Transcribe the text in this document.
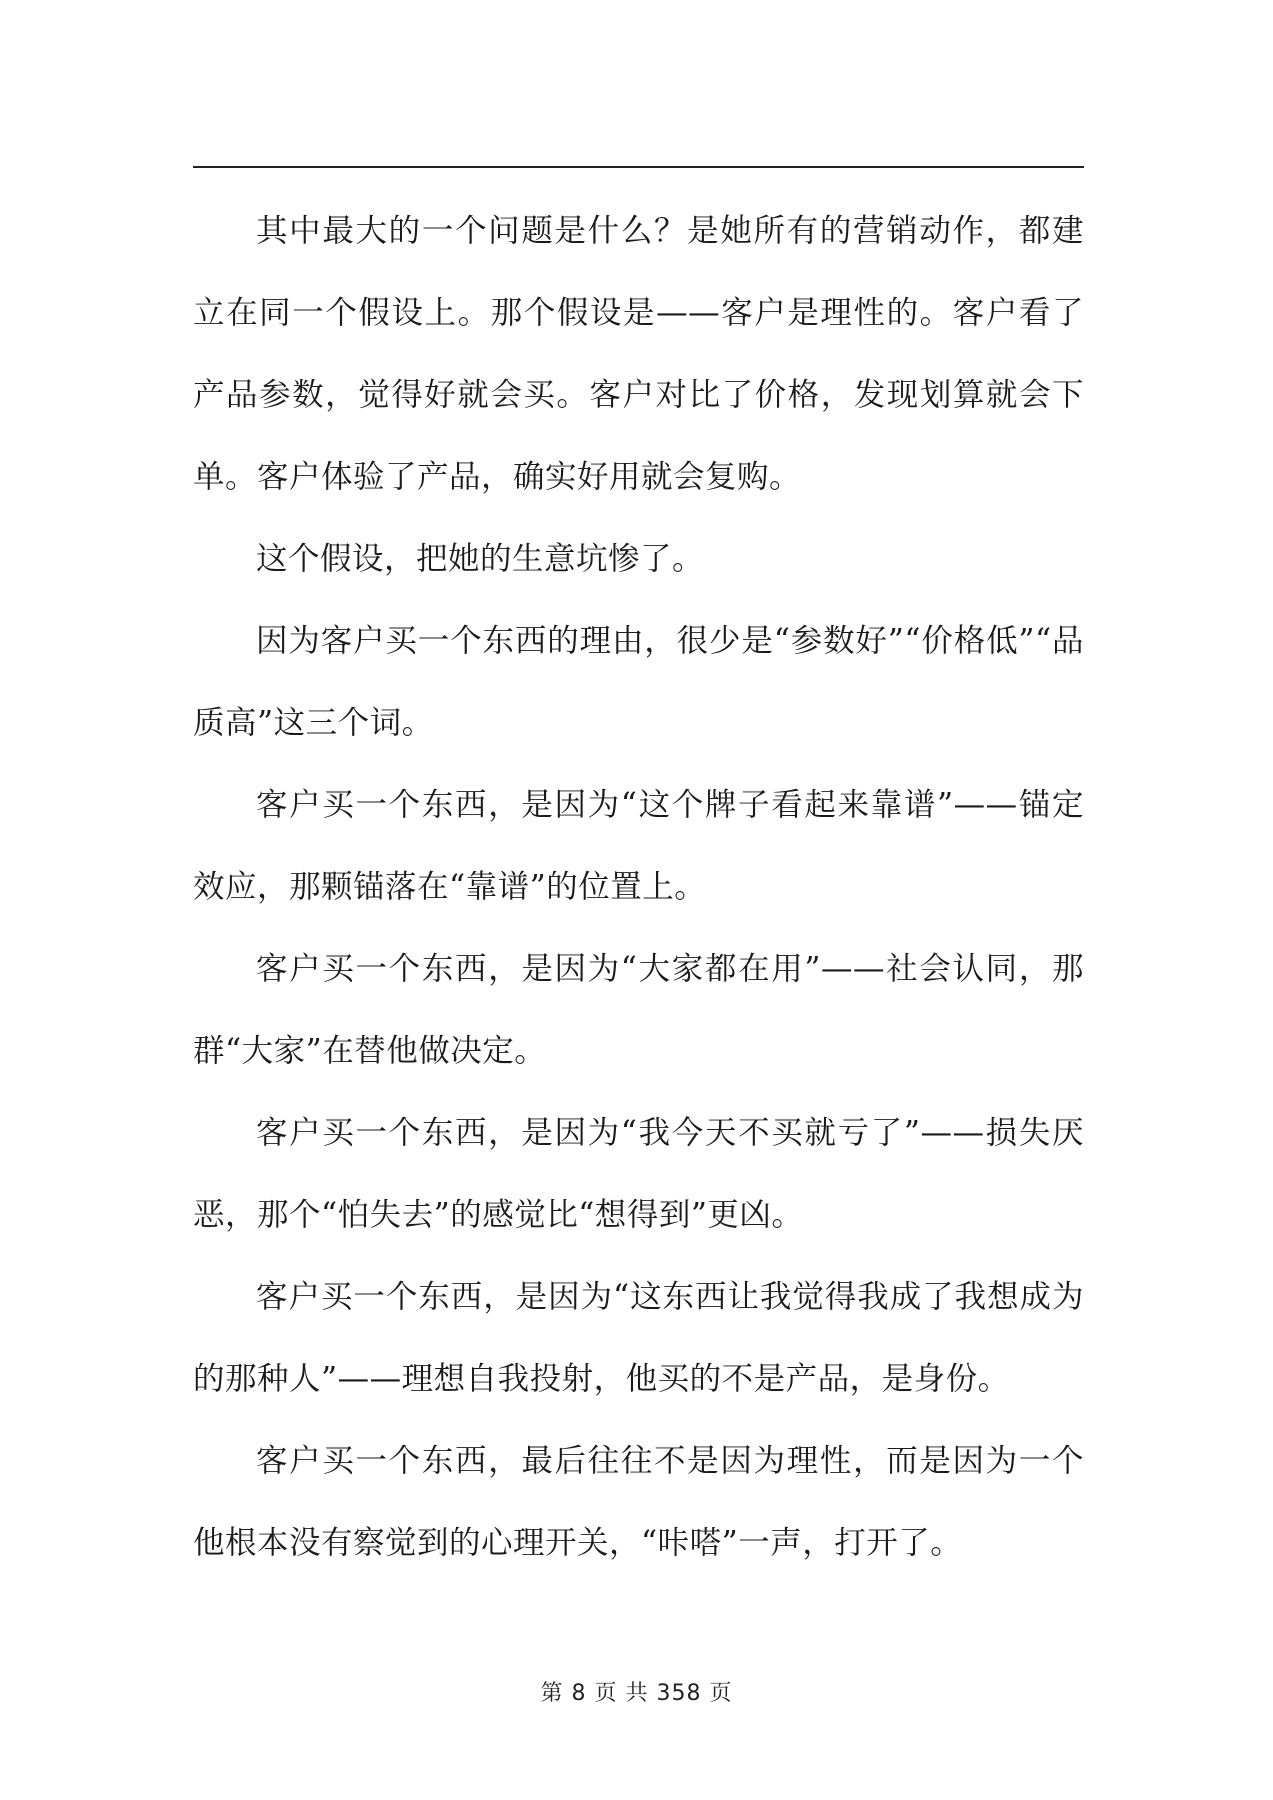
其中最大的一个问题是什么？是她所有的营销动作，都建立在同一个假设上。那个假设是——客户是理性的。客户看了产品参数，觉得好就会买。客户对比了价格，发现划算就会下单。客户体验了产品，确实好用就会复购。

这个假设，把她的生意坑惨了。

因为客户买一个东西的理由，很少是“参数好”“价格低”“品质高”这三个词。

客户买一个东西，是因为“这个牌子看起来靠谱”——锚定效应，那颗锚落在“靠谱”的位置上。

客户买一个东西，是因为“大家都在用”——社会认同，那群“大家”在替他做决定。

客户买一个东西，是因为“我今天不买就亏了”——损失厌恶，那个“怕失去”的感觉比“想得到”更凶。

客户买一个东西，是因为“这东西让我觉得我成了我想成为的那种人”——理想自我投射，他买的不是产品，是身份。

客户买一个东西，最后往往不是因为理性，而是因为一个他根本没有察觉到的心理开关，“咔嗒”一声，打开了。

第 8 页 共 358 页
